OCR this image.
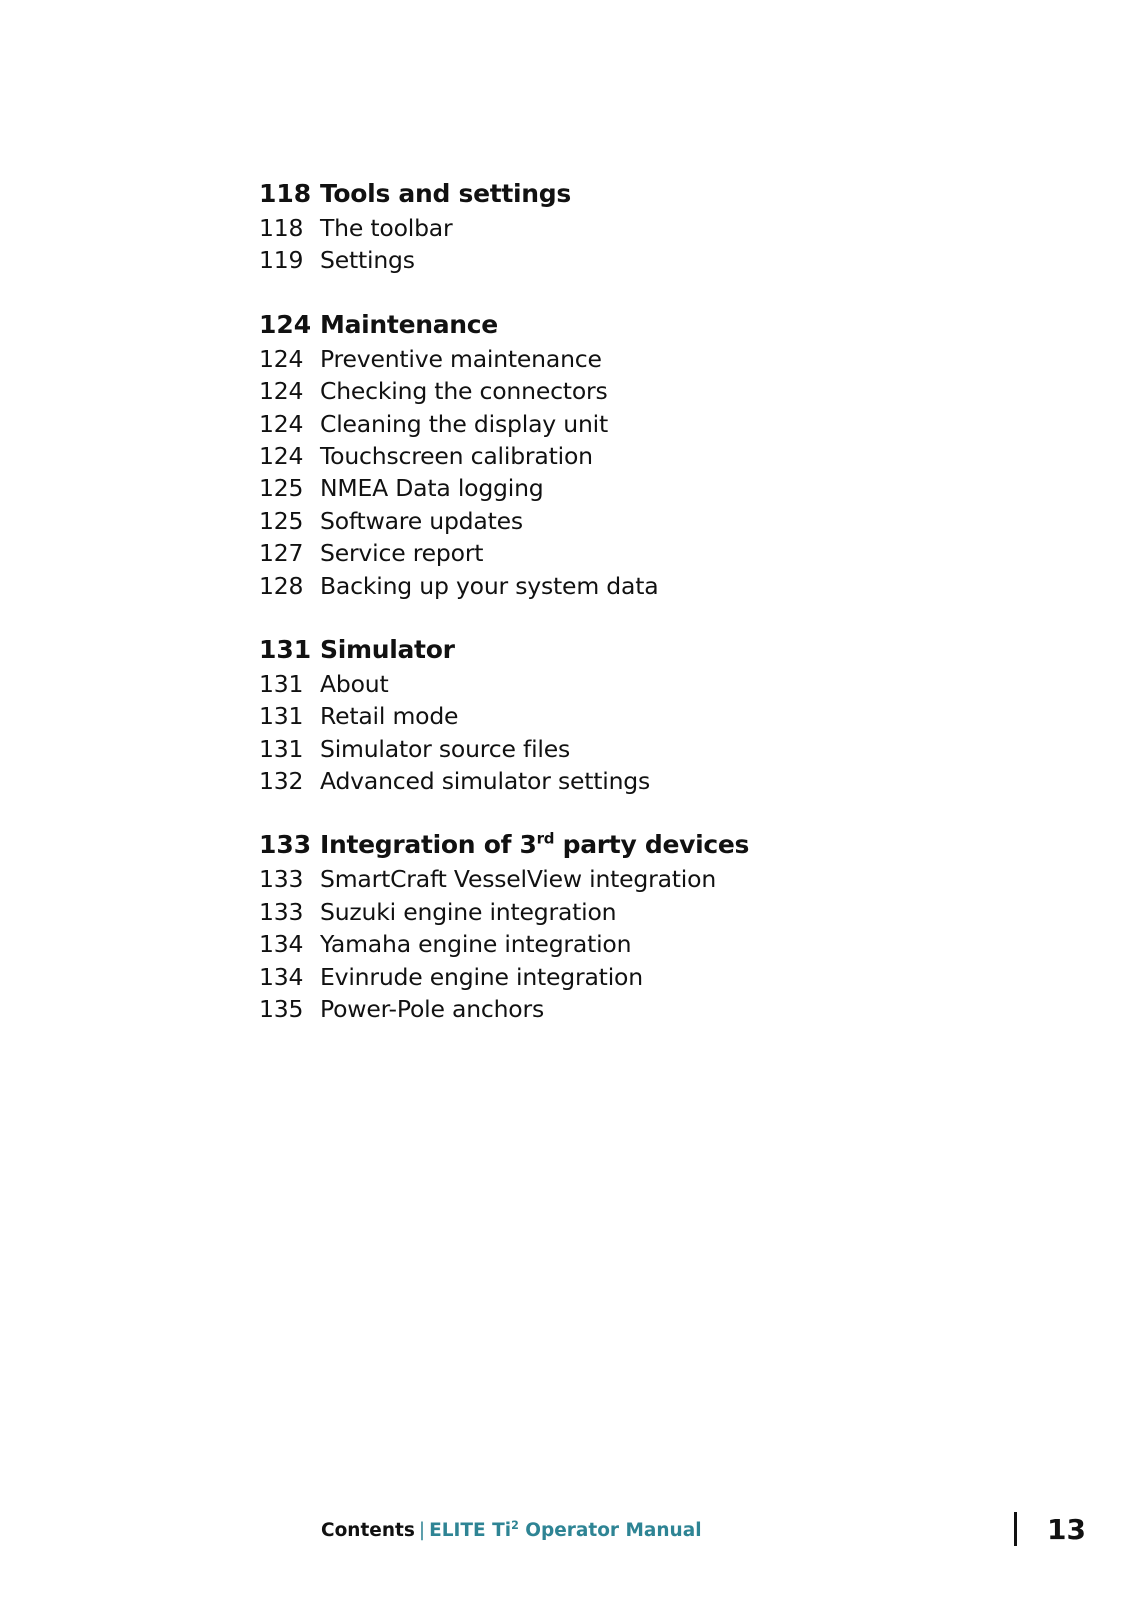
118 Tools and settings
118 The toolbar
119 Settings
124 Maintenance
124 Preventive maintenance
124 Checking the connectors
124 Cleaning the display unit
124 Touchscreen calibration
125 NMEA Data logging
125 Software updates
127 Service report
128 Backing up your system data
131 Simulator
131 About
131 Retail mode
131 Simulator source files
132 Advanced simulator settings
133 Integration of 3rd party devices
133 SmartCraft VesselView integration
133 Suzuki engine integration
134 Yamaha engine integration
134 Evinrude engine integration
135 Power-Pole anchors
Contents | ELITE Ti$^2$ Operator Manual	13
